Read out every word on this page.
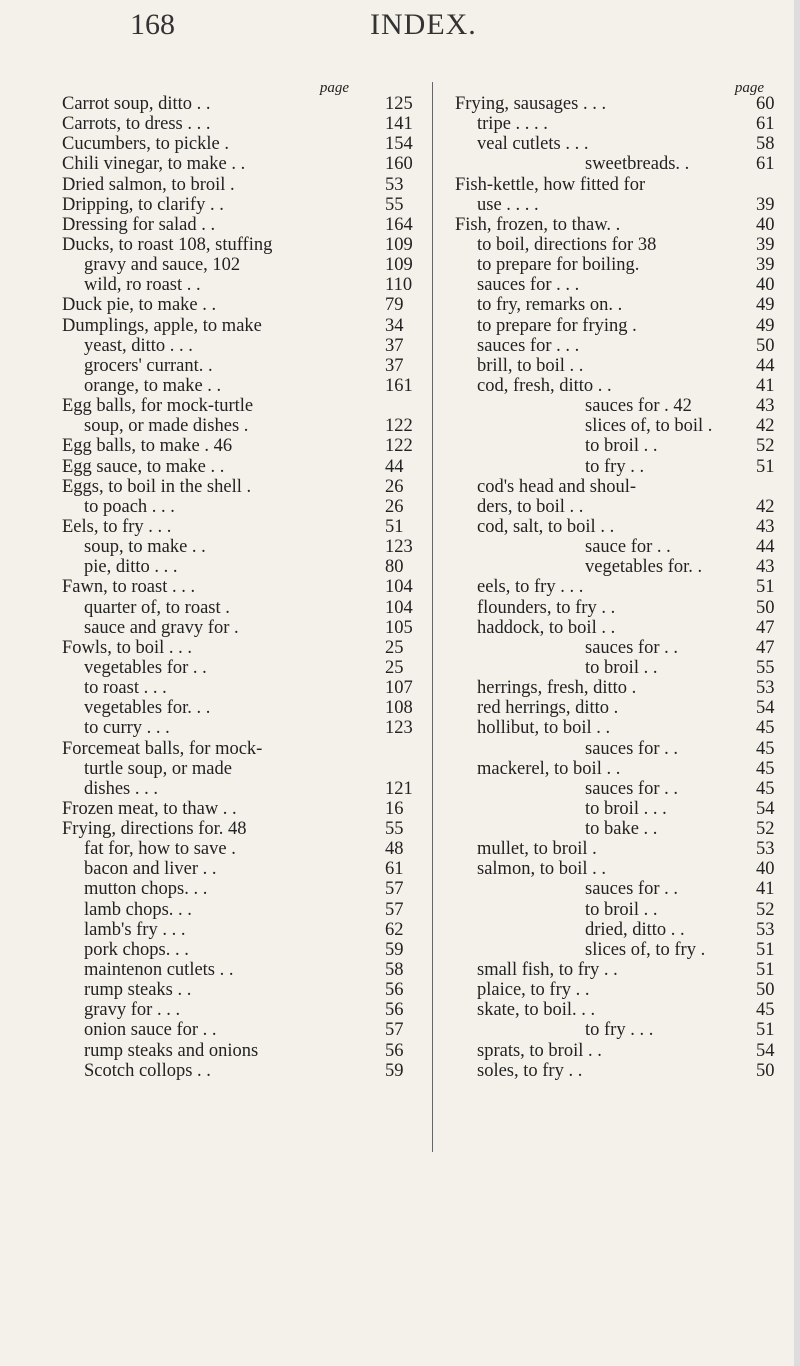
168	INDEX.
page
Carrot soup, ditto . .	125
Carrots, to dress . . .	141
Cucumbers, to pickle .	154
Chili vinegar, to make . .	160
Dried salmon, to broil .	53
Dripping, to clarify . .	55
Dressing for salad . .	164
Ducks, to roast 108, stuffing	109
gravy and sauce, 102	109
wild, ro roast . .	110
Duck pie, to make . .	79
Dumplings, apple, to make	34
yeast, ditto . . .	37
grocers' currant. .	37
orange, to make . .	161
Egg balls, for mock-turtle
soup, or made dishes .	122
Egg balls, to make . 46	122
Egg sauce, to make . .	44
Eggs, to boil in the shell .	26
to poach . . .	26
Eels, to fry . . .	51
soup, to make . .	123
pie, ditto . . .	80
Fawn, to roast . . .	104
quarter of, to roast .	104
sauce and gravy for .	105
Fowls, to boil . . .	25
vegetables for . .	25
to roast . . .	107
vegetables for. . .	108
to curry . . .	123
Forcemeat balls, for mock-
turtle soup, or made
dishes . . .	121
Frozen meat, to thaw . .	16
Frying, directions for. 48	55
fat for, how to save .	48
bacon and liver . .	61
mutton chops. . .	57
lamb chops. . .	57
lamb's fry . . .	62
pork chops. . .	59
maintenon cutlets . .	58
rump steaks . .	56
gravy for . . .	56
onion sauce for . .	57
rump steaks and onions	56
Scotch collops . .	59
page
Frying, sausages . . .	60
tripe . . . .	61
veal cutlets . . .	58
sweetbreads. .	61
Fish-kettle, how fitted for
use . . . .	39
Fish, frozen, to thaw. .	40
to boil, directions for 38	39
to prepare for boiling.	39
sauces for . . .	40
to fry, remarks on. .	49
to prepare for frying .	49
sauces for . . .	50
brill, to boil . .	44
cod, fresh, ditto . .	41
sauces for . 42	43
slices of, to boil .	42
to broil . .	52
to fry . .	51
cod's head and shoul-
ders, to boil . .	42
cod, salt, to boil . .	43
sauce for . .	44
vegetables for. .	43
eels, to fry . . .	51
flounders, to fry . .	50
haddock, to boil . .	47
sauces for . .	47
to broil . .	55
herrings, fresh, ditto .	53
red herrings, ditto .	54
hollibut, to boil . .	45
sauces for . .	45
mackerel, to boil . .	45
sauces for . .	45
to broil . . .	54
to bake . .	52
mullet, to broil .	53
salmon, to boil . .	40
sauces for . .	41
to broil . .	52
dried, ditto . .	53
slices of, to fry .	51
small fish, to fry . .	51
plaice, to fry . .	50
skate, to boil. . .	45
to fry . . .	51
sprats, to broil . .	54
soles, to fry . .	50
